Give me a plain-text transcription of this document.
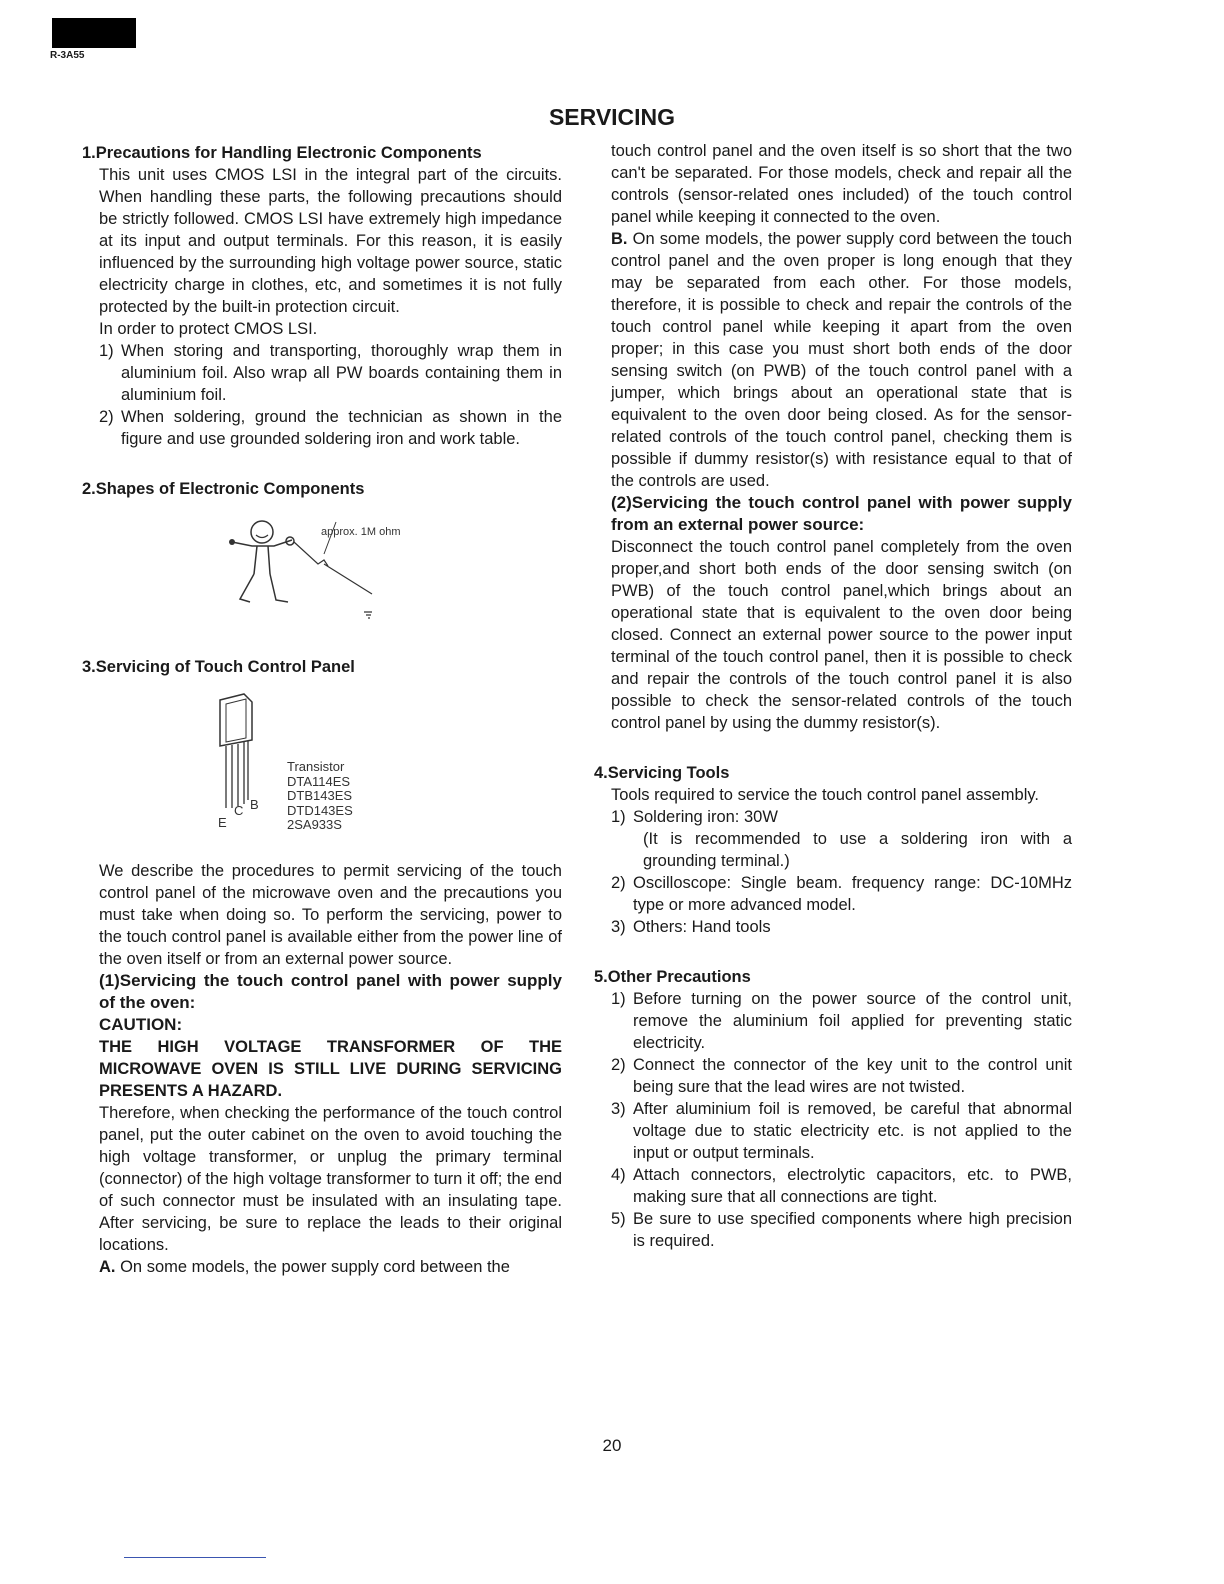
R-3A55
SERVICING

1.Precautions for Handling Electronic Components

This unit uses CMOS LSI in the integral part of the circuits. When handling these parts, the following precautions should be strictly followed. CMOS LSI have extremely high impedance at its input and output terminals. For this reason, it is easily influenced by the surrounding high voltage power source, static electricity charge in clothes, etc, and sometimes it is not fully protected by the built-in protection circuit.

In order to protect CMOS LSI.

1) When storing and transporting, thoroughly wrap them in aluminium foil. Also wrap all PW boards containing them in aluminium foil.
2) When soldering, ground the technician as shown in the figure and use grounded soldering iron and work table.

2.Shapes of Electronic Components

approx. 1M ohm

3.Servicing of Touch Control Panel

E
C B
Transistor
DTA114ES
DTB143ES
DTD143ES
2SA933S

We describe the procedures to permit servicing of the touch control panel of the microwave oven and the precautions you must take when doing so. To perform the servicing, power to the touch control panel is available either from the power line of the oven itself or from an external power source.

(1)Servicing the touch control panel with power supply of the oven:

CAUTION:

THE HIGH VOLTAGE TRANSFORMER OF THE MICROWAVE OVEN IS STILL LIVE DURING SERVICING PRESENTS A HAZARD.

Therefore, when checking the performance of the touch control panel, put the outer cabinet on the oven to avoid touching the high voltage transformer, or unplug the primary terminal (connector) of the high voltage transformer to turn it off; the end of such connector must be insulated with an insulating tape. After servicing, be sure to replace the leads to their original locations.

A. On some models, the power supply cord between the

touch control panel and the oven itself is so short that the two can't be separated. For those models, check and repair all the controls (sensor-related ones included) of the touch control panel while keeping it connected to the oven.

B. On some models, the power supply cord between the touch control panel and the oven proper is long enough that they may be separated from each other. For those models, therefore, it is possible to check and repair the controls of the touch control panel while keeping it apart from the oven proper; in this case you must short both ends of the door sensing switch (on PWB) of the touch control panel with a jumper, which brings about an operational state that is equivalent to the oven door being closed. As for the sensor-related controls of the touch control panel, checking them is possible if dummy resistor(s) with resistance equal to that of the controls are used.

(2)Servicing the touch control panel with power supply from an external power source:

Disconnect the touch control panel completely from the oven proper,and short both ends of the door sensing switch (on PWB) of the touch control panel,which brings about an operational state that is equivalent to the oven door being closed. Connect an external power source to the power input terminal of the touch control panel, then it is possible to check and repair the controls of the touch control panel it is also possible to check the sensor-related controls of the touch control panel by using the dummy resistor(s).

4.Servicing Tools

Tools required to service the touch control panel assembly.

1) Soldering iron: 30W

(It is recommended to use a soldering iron with a grounding terminal.)
2) Oscilloscope: Single beam. frequency range: DC-10MHz type or more advanced model.
3) Others: Hand tools

5.Other Precautions

1) Before turning on the power source of the control unit, remove the aluminium foil applied for preventing static electricity.
2) Connect the connector of the key unit to the control unit being sure that the lead wires are not twisted.
3) After aluminium foil is removed, be careful that abnormal voltage due to static electricity etc. is not applied to the input or output terminals.
4) Attach connectors, electrolytic capacitors, etc. to PWB, making sure that all connections are tight.
5) Be sure to use specified components where high precision is required.
20
